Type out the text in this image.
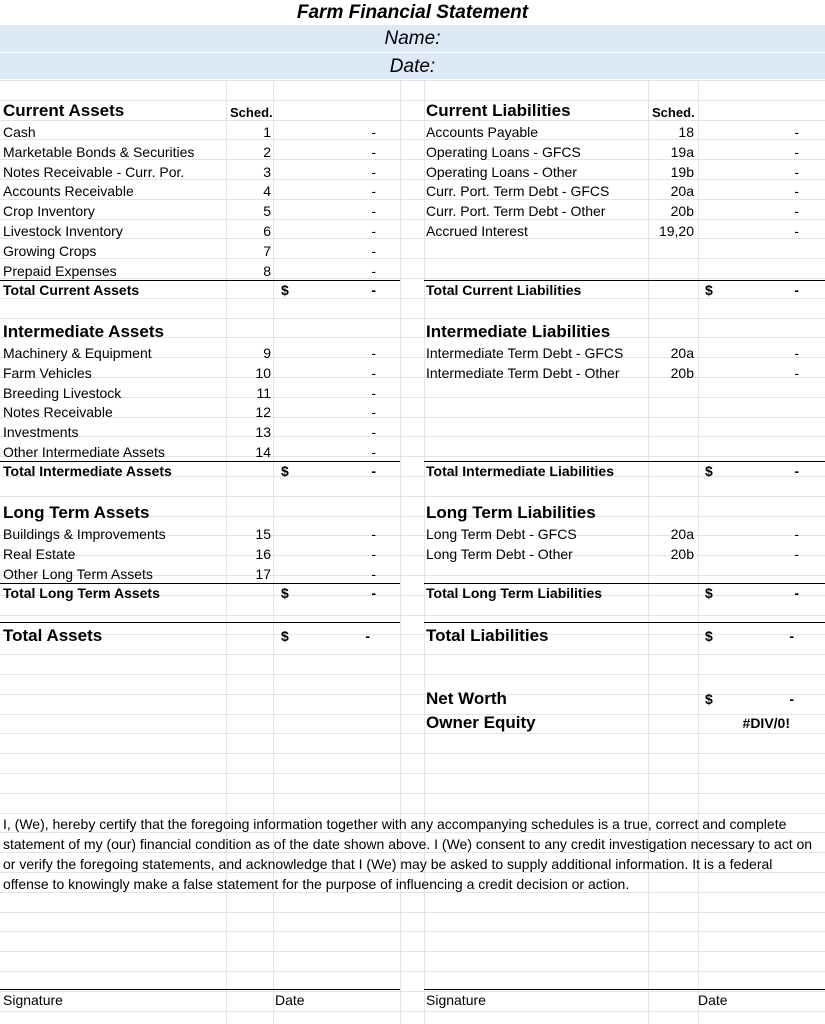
Farm Financial Statement
Name:
Date:
Current Assets	Sched.
Cash	1	-
Marketable Bonds & Securities	2	-
Notes Receivable - Curr. Por.	3	-
Accounts Receivable	4	-
Crop Inventory	5	-
Livestock Inventory	6	-
Growing Crops	7	-
Prepaid Expenses	8	-
Total Current Assets	$	-
Intermediate Assets
Machinery & Equipment	9	-
Farm Vehicles	10	-
Breeding Livestock	11	-
Notes Receivable	12	-
Investments	13	-
Other Intermediate Assets	14	-
Total Intermediate Assets	$	-
Long Term Assets
Buildings & Improvements	15	-
Real Estate	16	-
Other Long Term Assets	17	-
Total Long Term Assets	$	-
Current Liabilities	Sched.
Accounts Payable	18	-
Operating Loans - GFCS	19a	-
Operating Loans - Other	19b	-
Curr. Port. Term Debt - GFCS	20a	-
Curr. Port. Term Debt - Other	20b	-
Accrued Interest	19,20	-
Total Current Liabilities	$	-
Intermediate Liabilities
Intermediate Term Debt - GFCS	20a	-
Intermediate Term Debt - Other	20b	-
Total Intermediate Liabilities	$	-
Long Term Liabilities
Long Term Debt - GFCS	20a	-
Long Term Debt - Other	20b	-
Total Long Term Liabilities	$	-
Total Assets	$	-	Total Liabilities	$	-
Net Worth	$	-
Owner Equity	#DIV/0!
I, (We), hereby certify that the foregoing information together with any accompanying schedules is a true, correct and complete statement of my (our) financial condition as of the date shown above. I (We) consent to any credit investigation necessary to act on or verify the foregoing statements, and acknowledge that I (We) may be asked to supply additional information. It is a federal offense to knowingly make a false statement for the purpose of influencing a credit decision or action.
Signature	Date	Signature	Date
